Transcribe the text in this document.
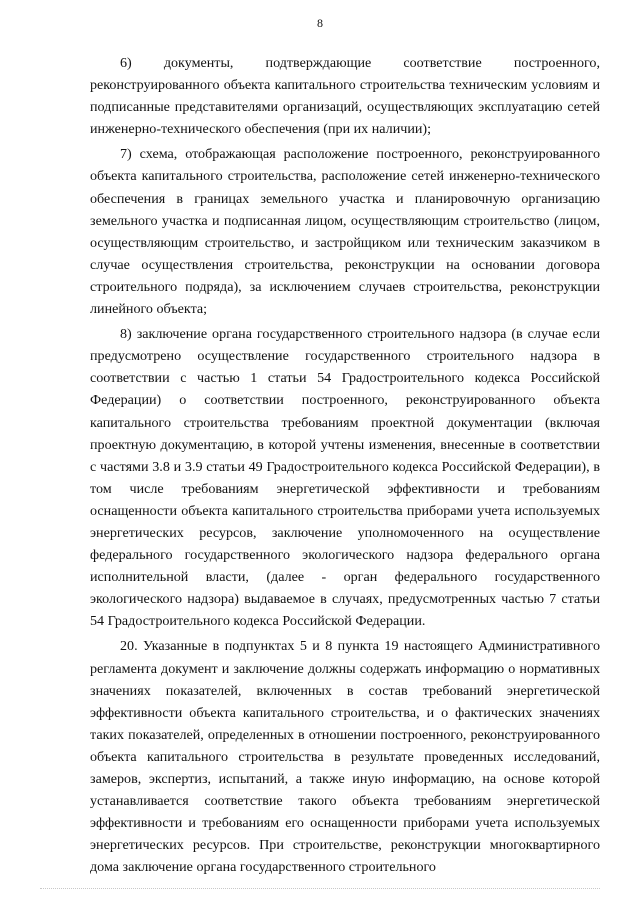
8

6) документы, подтверждающие соответствие построенного, реконструированного объекта капитального строительства техническим условиям и подписанные представителями организаций, осуществляющих эксплуатацию сетей инженерно-технического обеспечения (при их наличии);

7) схема, отображающая расположение построенного, реконструированного объекта капитального строительства, расположение сетей инженерно-технического обеспечения в границах земельного участка и планировочную организацию земельного участка и подписанная лицом, осуществляющим строительство (лицом, осуществляющим строительство, и застройщиком или техническим заказчиком в случае осуществления строительства, реконструкции на основании договора строительного подряда), за исключением случаев строительства, реконструкции линейного объекта;

8) заключение органа государственного строительного надзора (в случае если предусмотрено осуществление государственного строительного надзора в соответствии с частью 1 статьи 54 Градостроительного кодекса Российской Федерации) о соответствии построенного, реконструированного объекта капитального строительства требованиям проектной документации (включая проектную документацию, в которой учтены изменения, внесенные в соответствии с частями 3.8 и 3.9 статьи 49 Градостроительного кодекса Российской Федерации), в том числе требованиям энергетической эффективности и требованиям оснащенности объекта капитального строительства приборами учета используемых энергетических ресурсов, заключение уполномоченного на осуществление федерального государственного экологического надзора федерального органа исполнительной власти, (далее - орган федерального государственного экологического надзора) выдаваемое в случаях, предусмотренных частью 7 статьи 54 Градостроительного кодекса Российской Федерации.

20. Указанные в подпунктах 5 и 8 пункта 19 настоящего Административного регламента документ и заключение должны содержать информацию о нормативных значениях показателей, включенных в состав требований энергетической эффективности объекта капитального строительства, и о фактических значениях таких показателей, определенных в отношении построенного, реконструированного объекта капитального строительства в результате проведенных исследований, замеров, экспертиз, испытаний, а также иную информацию, на основе которой устанавливается соответствие такого объекта требованиям энергетической эффективности и требованиям его оснащенности приборами учета используемых энергетических ресурсов. При строительстве, реконструкции многоквартирного дома заключение органа государственного строительного
